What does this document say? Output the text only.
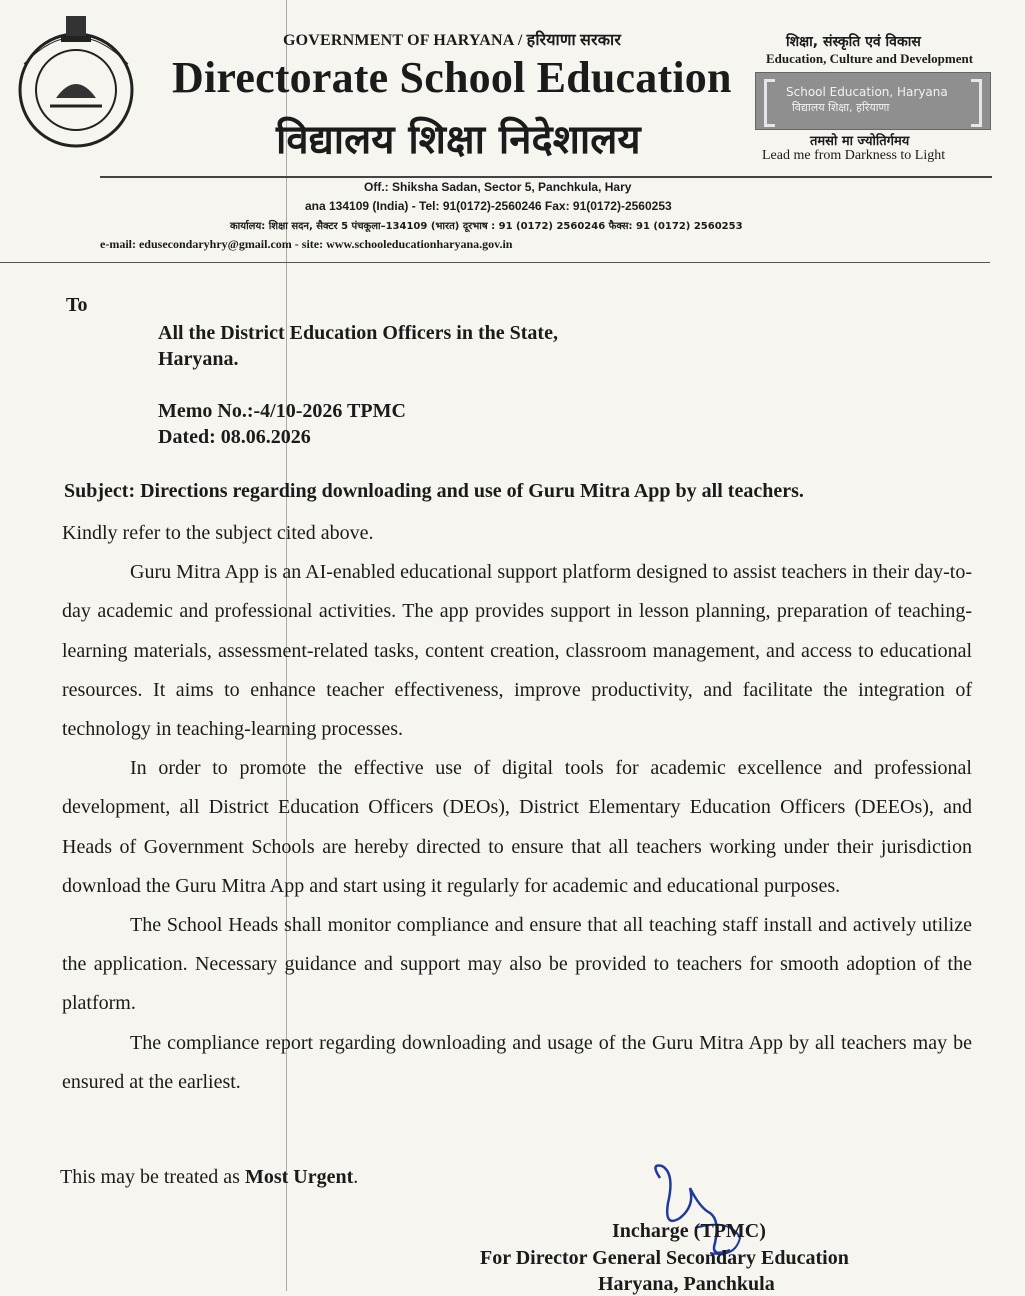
GOVERNMENT OF HARYANA / हरियाणा सरकार
Directorate School Education
विद्यालय शिक्षा निदेशालय
शिक्षा, संस्कृति एवं विकास
Education, Culture and Development
School Education, Haryana
विद्यालय शिक्षा, हरियाणा
तमसो मा ज्योतिर्गमय
Lead me from Darkness to Light
Off.: Shiksha Sadan, Sector 5, Panchkula, Hary
ana 134109 (India) - Tel: 91(0172)-2560246 Fax: 91(0172)-2560253
कार्यालय: शिक्षा सदन, सैक्टर 5 पंचकूला–134109 (भारत) दूरभाष : 91 (0172) 2560246 फैक्स: 91 (0172) 2560253
e-mail: edusecondaryhry@gmail.com - site: www.schooleducationharyana.gov.in
To
All the District Education Officers in the State,
Haryana.
Memo No.:-4/10-2026 TPMC
Dated: 08.06.2026
Subject: Directions regarding downloading and use of Guru Mitra App by all teachers.

Kindly refer to the subject cited above.

Guru Mitra App is an AI-enabled educational support platform designed to assist teachers in their day-to-day academic and professional activities. The app provides support in lesson planning, preparation of teaching-learning materials, assessment-related tasks, content creation, classroom management, and access to educational resources. It aims to enhance teacher effectiveness, improve productivity, and facilitate the integration of technology in teaching-learning processes.

In order to promote the effective use of digital tools for academic excellence and professional development, all District Education Officers (DEOs), District Elementary Education Officers (DEEOs), and Heads of Government Schools are hereby directed to ensure that all teachers working under their jurisdiction download the Guru Mitra App and start using it regularly for academic and educational purposes.

The School Heads shall monitor compliance and ensure that all teaching staff install and actively utilize the application. Necessary guidance and support may also be provided to teachers for smooth adoption of the platform.

The compliance report regarding downloading and usage of the Guru Mitra App by all teachers may be ensured at the earliest.

This may be treated as Most Urgent.
Incharge (TPMC)
For Director General Secondary Education
Haryana, Panchkula
